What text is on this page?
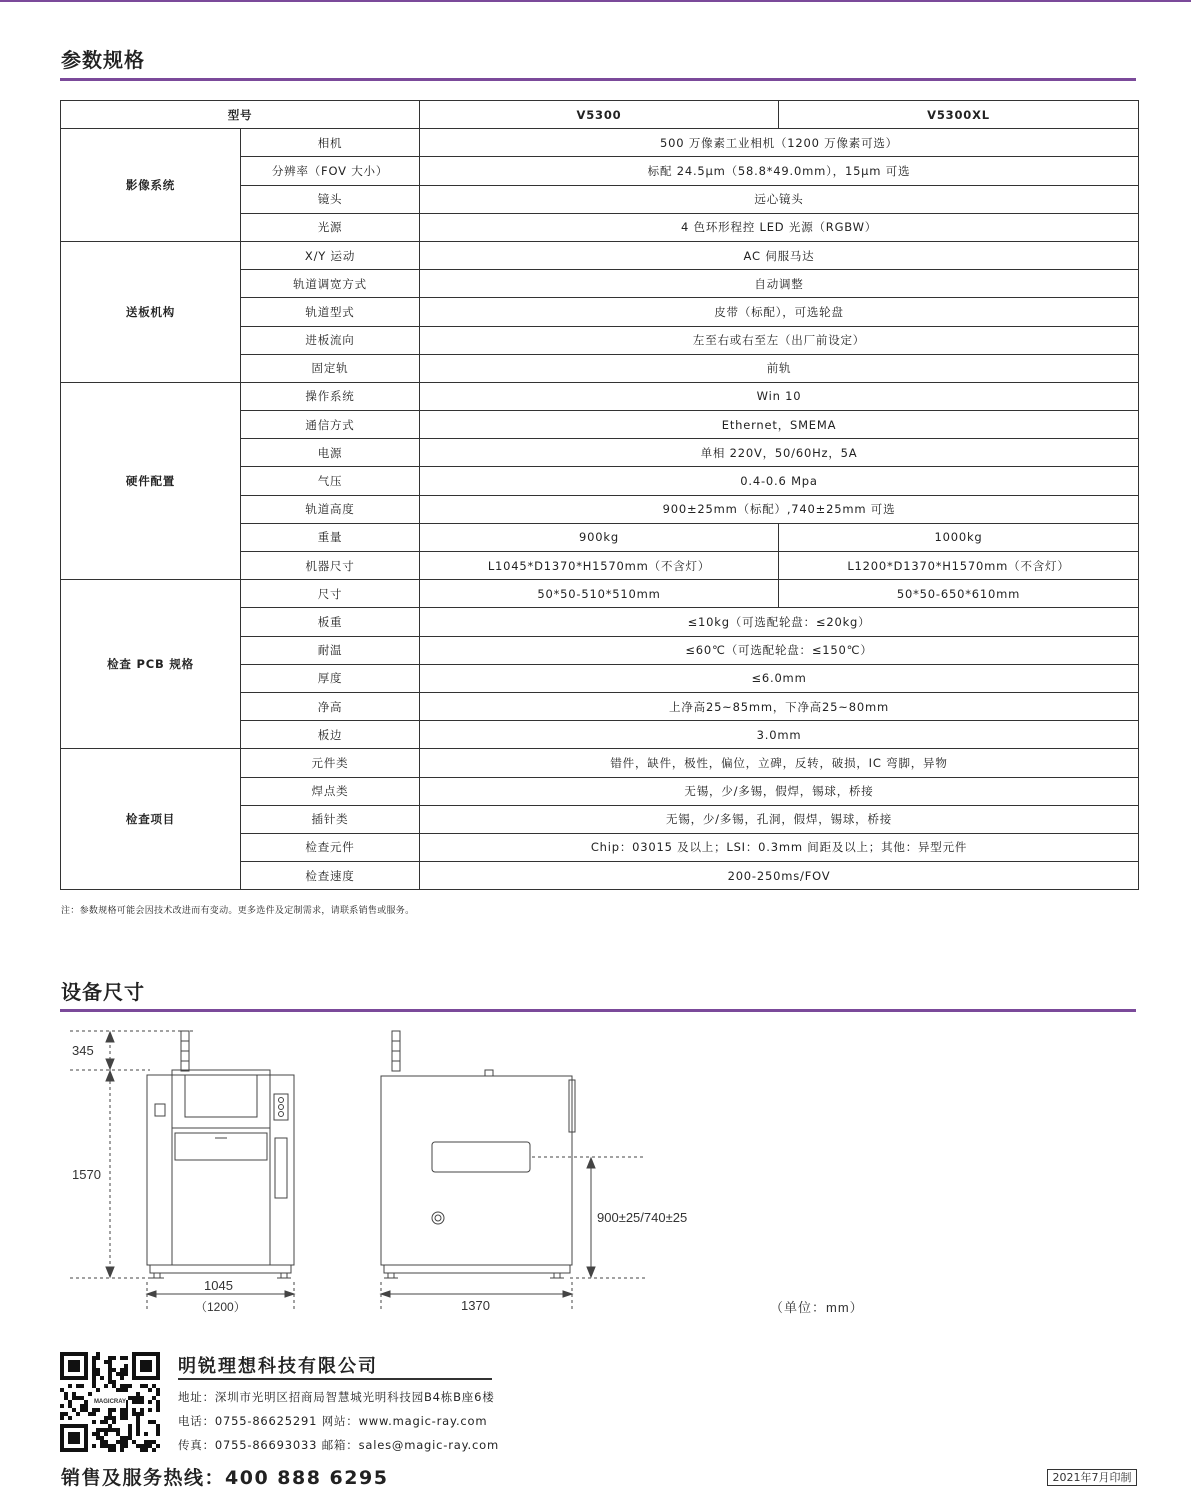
参数规格
型号		V5300	V5300XL
影像系统	相机	500 万像素工业相机（1200 万像素可选）	
	分辨率（FOV 大小）	标配 24.5μm（58.8*49.0mm），15μm 可选	
	镜头	远心镜头	
	光源	4 色环形程控 LED 光源（RGBW）	
送板机构	X/Y 运动	AC 伺服马达	
	轨道调宽方式	自动调整	
	轨道型式	皮带（标配），可选轮盘	
	进板流向	左至右或右至左（出厂前设定）	
	固定轨	前轨	
硬件配置	操作系统	Win 10	
	通信方式	Ethernet，SMEMA	
	电源	单相 220V，50/60Hz，5A	
	气压	0.4-0.6 Mpa	
	轨道高度	900±25mm（标配）,740±25mm 可选	
	重量	900kg	1000kg
	机器尺寸	L1045*D1370*H1570mm（不含灯）	L1200*D1370*H1570mm（不含灯）
检查 PCB 规格	尺寸	50*50-510*510mm	50*50-650*610mm
	板重	≤10kg（可选配轮盘：≤20kg）	
	耐温	≤60℃（可选配轮盘：≤150℃）	
	厚度	≤6.0mm	
	净高	上净高25~85mm，下净高25~80mm	
	板边	3.0mm	
检查项目	元件类	错件，缺件，极性，偏位，立碑，反转，破损，IC 弯脚，异物	
	焊点类	无锡，少/多锡，假焊，锡球，桥接	
	插针类	无锡，少/多锡，孔洞，假焊，锡球，桥接	
	检查元件	Chip：03015 及以上；LSI：0.3mm 间距及以上；其他：异型元件	
	检查速度	200-250ms/FOV	
注：参数规格可能会因技术改进而有变动。更多选件及定制需求，请联系销售或服务。
设备尺寸
345
1570
1045
（1200）	1370
900±25/740±25
（单位：mm）
MAGICRAY
明锐理想科技有限公司
地址：深圳市光明区招商局智慧城光明科技园B4栋B座6楼
电话：0755-86625291 网站：www.magic-ray.com
传真：0755-86693033 邮箱：sales@magic-ray.com
销售及服务热线：400 888 6295	2021年7月印制
